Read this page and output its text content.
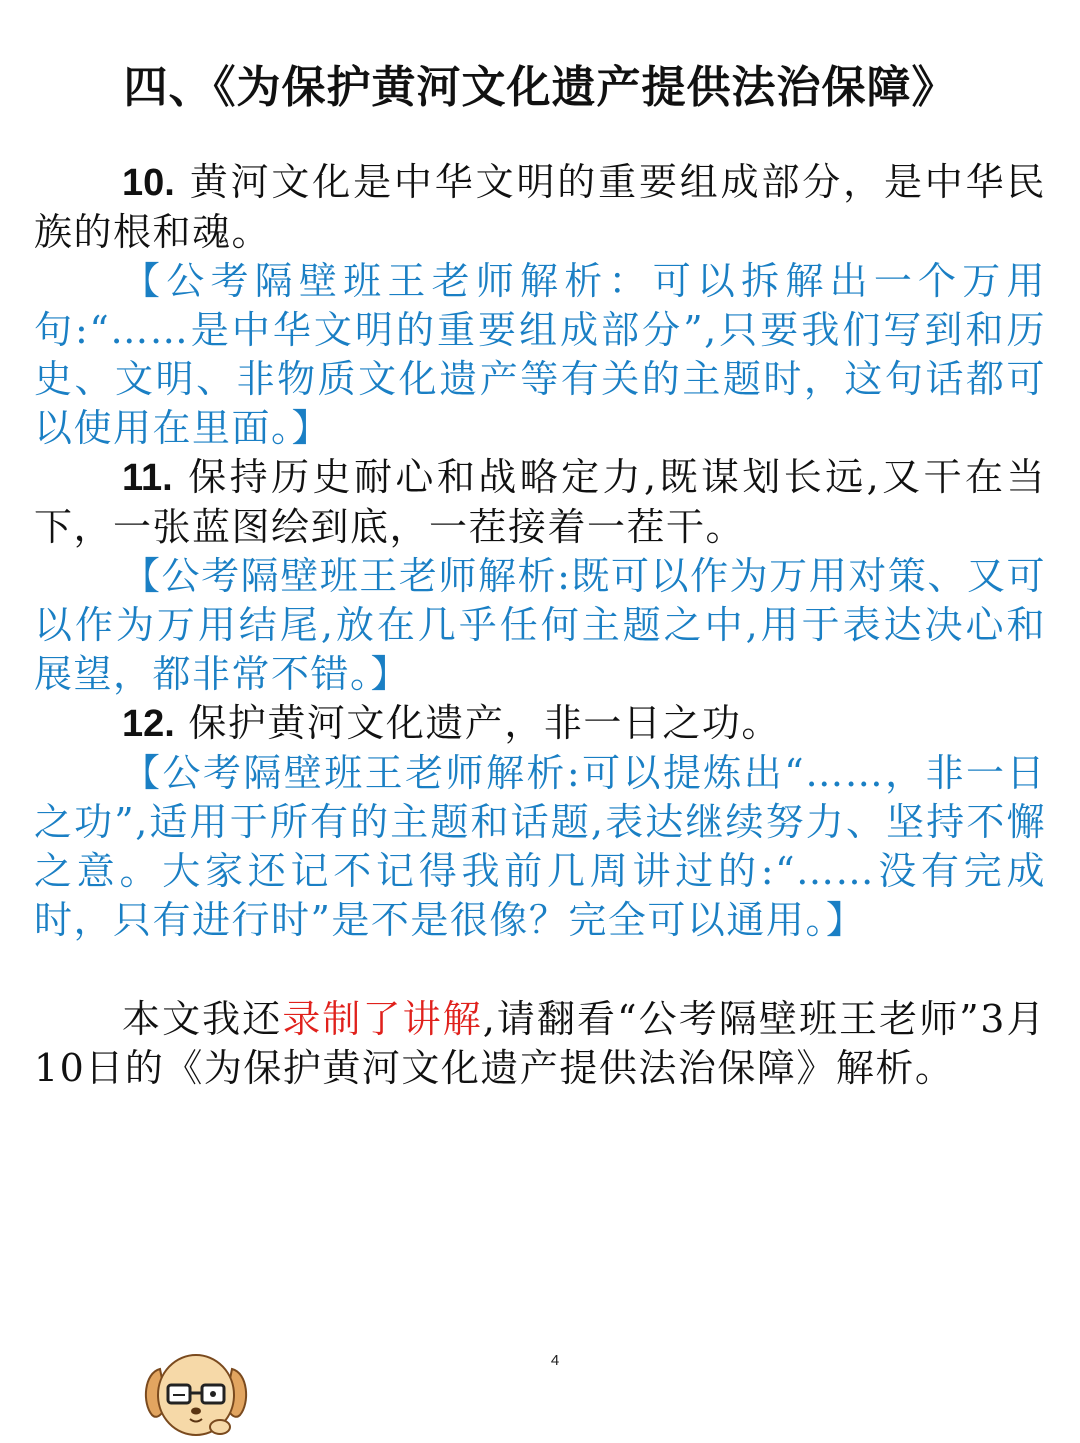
四、《为保护黄河文化遗产提供法治保障》

10. 黄河文化是中华文明的重要组成部分，是中华民族的根和魂。

【公考隔壁班王老师解析：可以拆解出一个万用句:“……是中华文明的重要组成部分”,只要我们写到和历史、文明、非物质文化遗产等有关的主题时，这句话都可以使用在里面。】

11. 保持历史耐心和战略定力,既谋划长远,又干在当下，一张蓝图绘到底，一茬接着一茬干。

【公考隔壁班王老师解析:既可以作为万用对策、又可以作为万用结尾,放在几乎任何主题之中,用于表达决心和展望，都非常不错。】

12. 保护黄河文化遗产，非一日之功。

【公考隔壁班王老师解析:可以提炼出“……，非一日之功”,适用于所有的主题和话题,表达继续努力、坚持不懈之意。大家还记不记得我前几周讲过的:“……没有完成时，只有进行时”是不是很像？完全可以通用。】

本文我还录制了讲解,请翻看“公考隔壁班王老师”3月10日的《为保护黄河文化遗产提供法治保障》解析。

4
